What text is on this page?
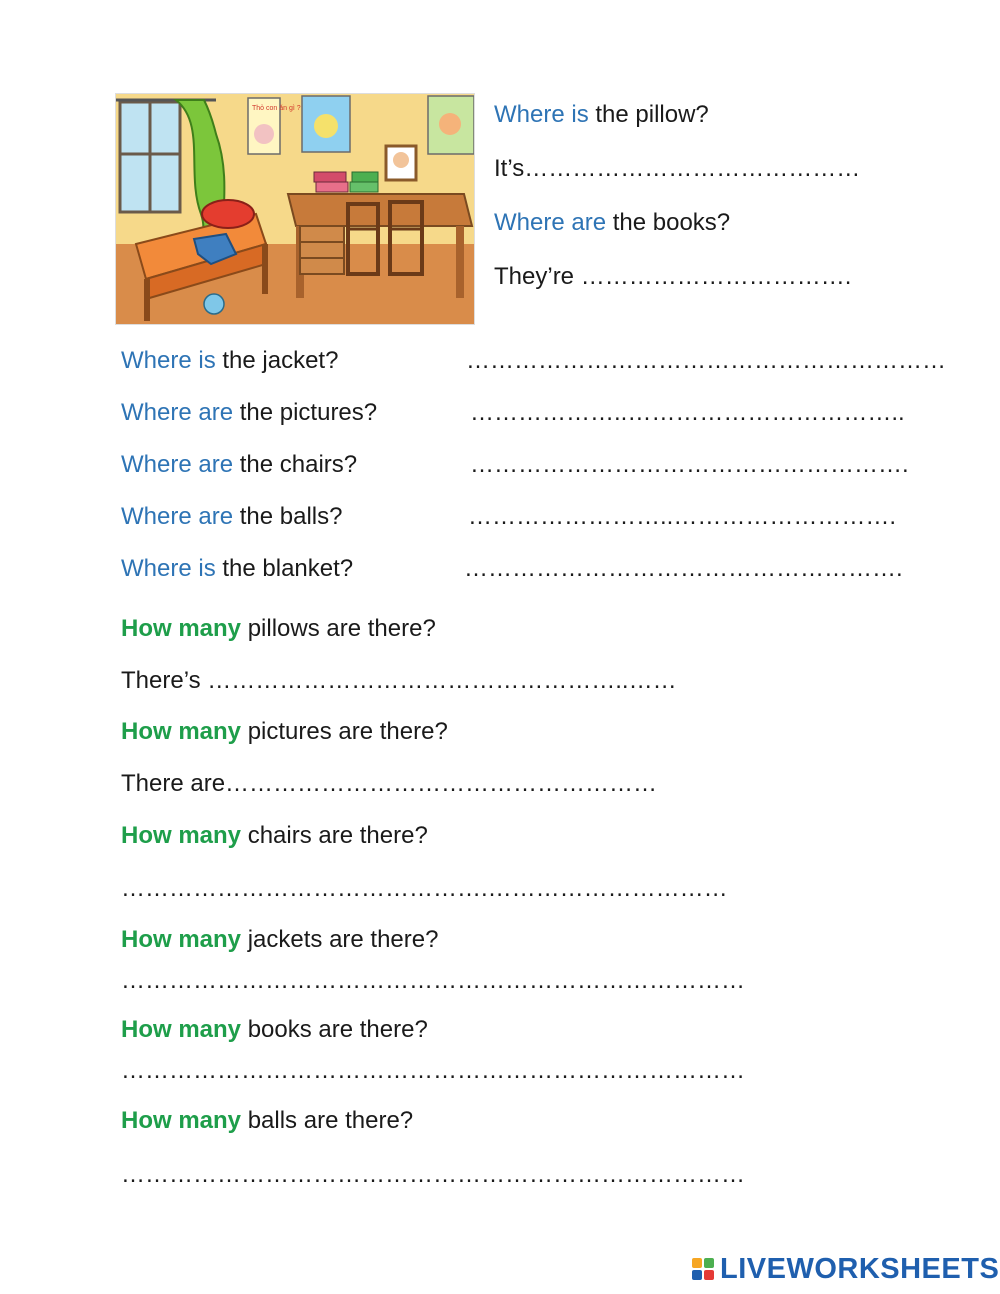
Thỏ con ăn gì ?	Where is the pillow?
It’s……………………………………
Where are the books?
They’re …………………………….
Where is the jacket?	……………………………………………………
Where are the pictures?	………………..……………………………..
Where are the chairs?	……………………………………………….
Where are the balls?	……………………..……………………….
Where is the blanket?	……………………………………………….
How many pillows are there?
There’s ……………………………………………..……
How many pictures are there?
There are………………………………………………
How many chairs are there?
……………………………………….…………………………
How many jackets are there?
……………………………………………………………………
How many books are there?
……………………………………………………………………
How many balls are there?
……………………………………………………………………
LIVEWORKSHEETS
